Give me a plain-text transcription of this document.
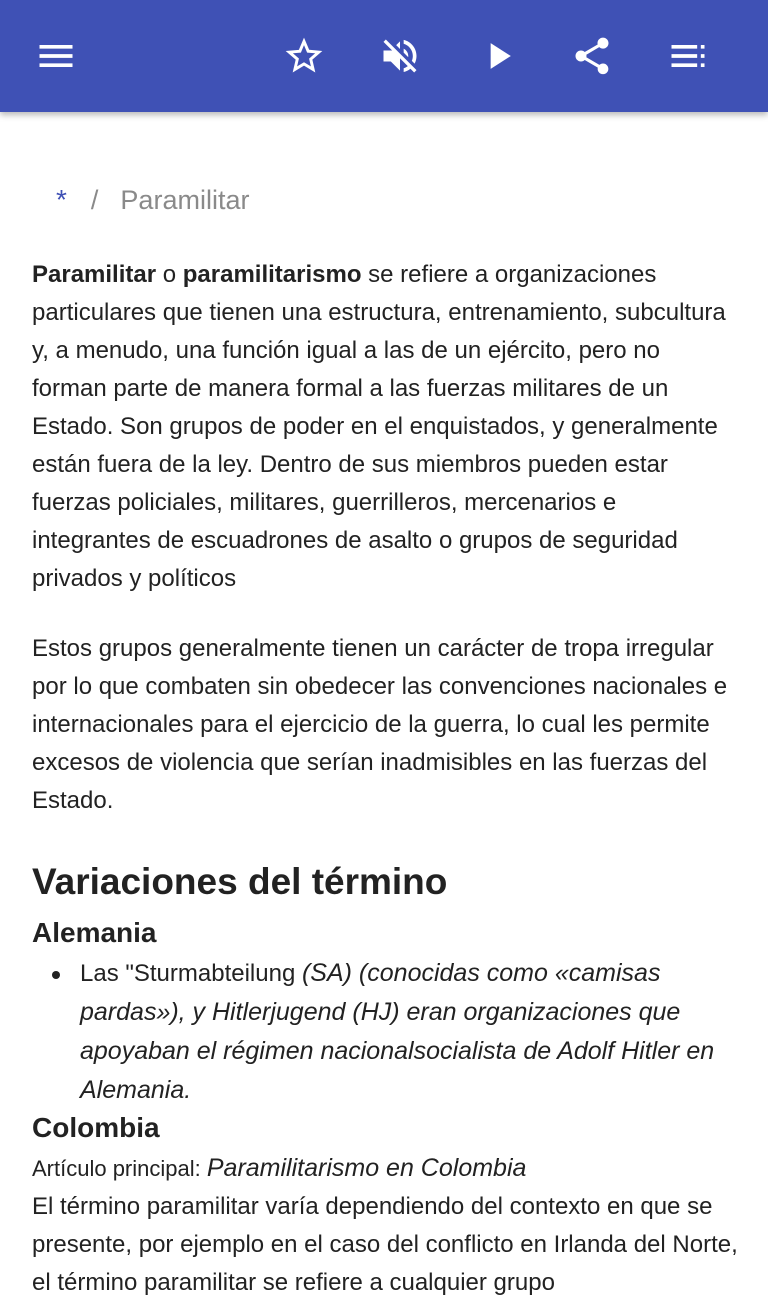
* / Paramilitar

Paramilitar o paramilitarismo se refiere a organizaciones particulares que tienen una estructura, entrenamiento, subcultura y, a menudo, una función igual a las de un ejército, pero no forman parte de manera formal a las fuerzas militares de un Estado. Son grupos de poder en el enquistados, y generalmente están fuera de la ley. Dentro de sus miembros pueden estar fuerzas policiales, militares, guerrilleros, mercenarios e integrantes de escuadrones de asalto o grupos de seguridad privados y políticos

Estos grupos generalmente tienen un carácter de tropa irregular por lo que combaten sin obedecer las convenciones nacionales e internacionales para el ejercicio de la guerra, lo cual les permite excesos de violencia que serían inadmisibles en las fuerzas del Estado.

Variaciones del término
Alemania
Las "Sturmabteilung (SA) (conocidas como «camisas pardas»), y Hitlerjugend (HJ) eran organizaciones que apoyaban el régimen nacionalsocialista de Adolf Hitler en Alemania.
Colombia
Artículo principal: Paramilitarismo en Colombia

El término paramilitar varía dependiendo del contexto en que se presente, por ejemplo en el caso del conflicto en Irlanda del Norte, el término paramilitar se refiere a cualquier grupo
